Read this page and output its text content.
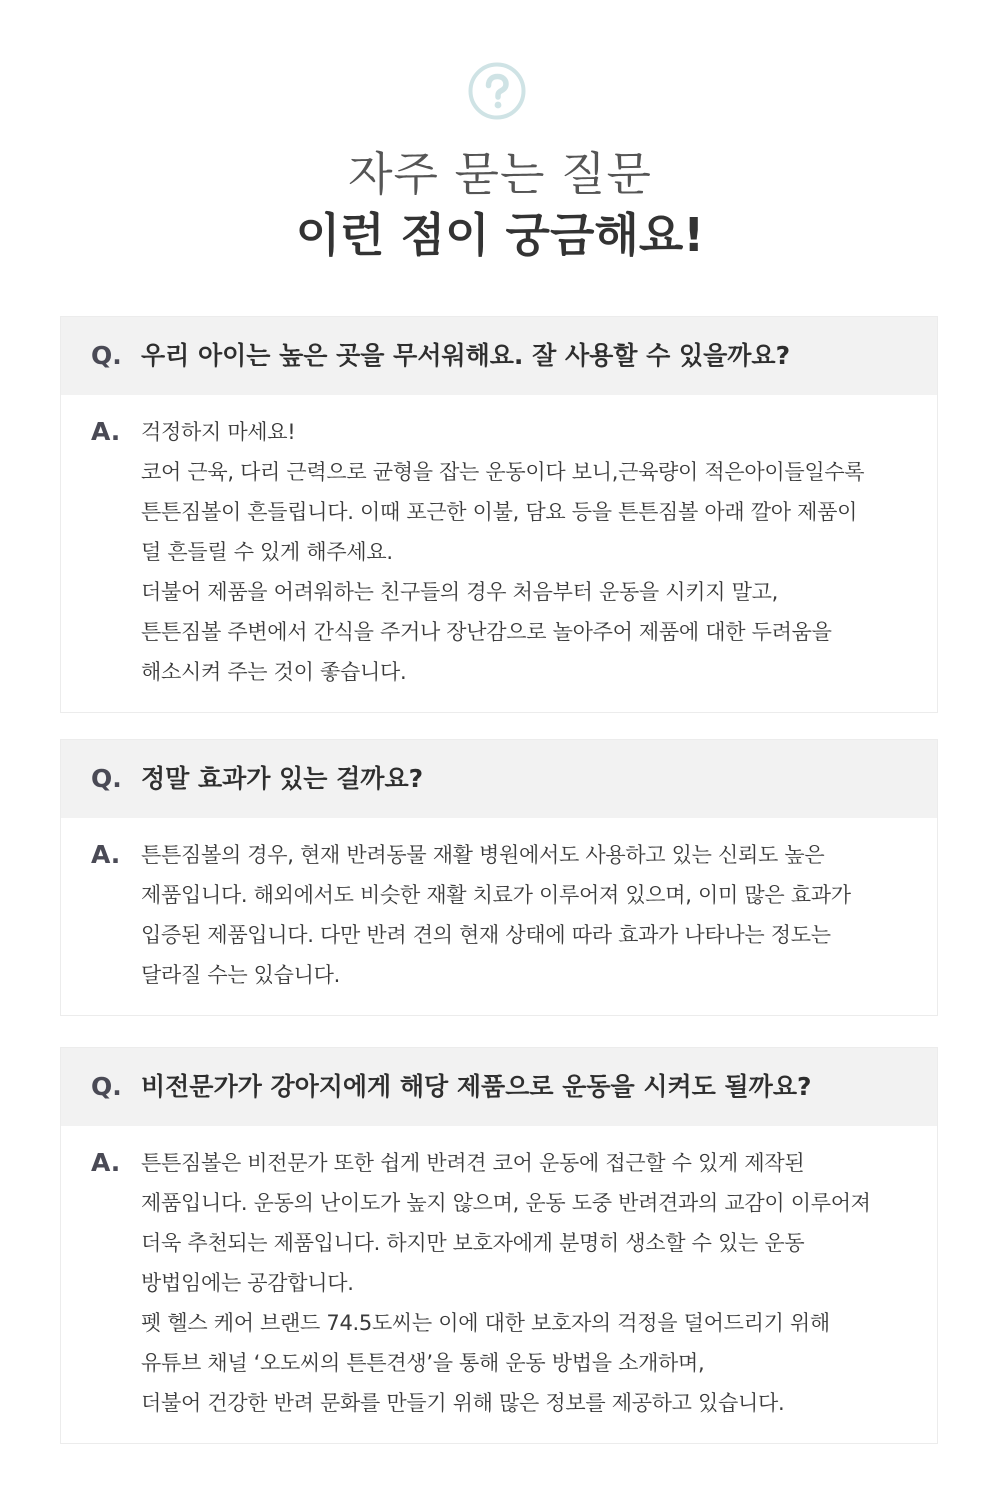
자주 묻는 질문
이런 점이 궁금해요!
Q. 우리 아이는 높은 곳을 무서워해요. 잘 사용할 수 있을까요?
A. 걱정하지 마세요!
코어 근육, 다리 근력으로 균형을 잡는 운동이다 보니,근육량이 적은아이들일수록
튼튼짐볼이 흔들립니다. 이때 포근한 이불, 담요 등을 튼튼짐볼 아래 깔아 제품이
덜 흔들릴 수 있게 해주세요.
더불어 제품을 어려워하는 친구들의 경우 처음부터 운동을 시키지 말고,
튼튼짐볼 주변에서 간식을 주거나 장난감으로 놀아주어 제품에 대한 두려움을
해소시켜 주는 것이 좋습니다.
Q. 정말 효과가 있는 걸까요?
A. 튼튼짐볼의 경우, 현재 반려동물 재활 병원에서도 사용하고 있는 신뢰도 높은
제품입니다. 해외에서도 비슷한 재활 치료가 이루어져 있으며, 이미 많은 효과가
입증된 제품입니다. 다만 반려 견의 현재 상태에 따라 효과가 나타나는 정도는
달라질 수는 있습니다.
Q. 비전문가가 강아지에게 해당 제품으로 운동을 시켜도 될까요?
A. 튼튼짐볼은 비전문가 또한 쉽게 반려견 코어 운동에 접근할 수 있게 제작된
제품입니다. 운동의 난이도가 높지 않으며, 운동 도중 반려견과의 교감이 이루어져
더욱 추천되는 제품입니다. 하지만 보호자에게 분명히 생소할 수 있는 운동
방법임에는 공감합니다.
펫 헬스 케어 브랜드 74.5도씨는 이에 대한 보호자의 걱정을 덜어드리기 위해
유튜브 채널 ‘오도씨의 튼튼견생’을 통해 운동 방법을 소개하며,
더불어 건강한 반려 문화를 만들기 위해 많은 정보를 제공하고 있습니다.
